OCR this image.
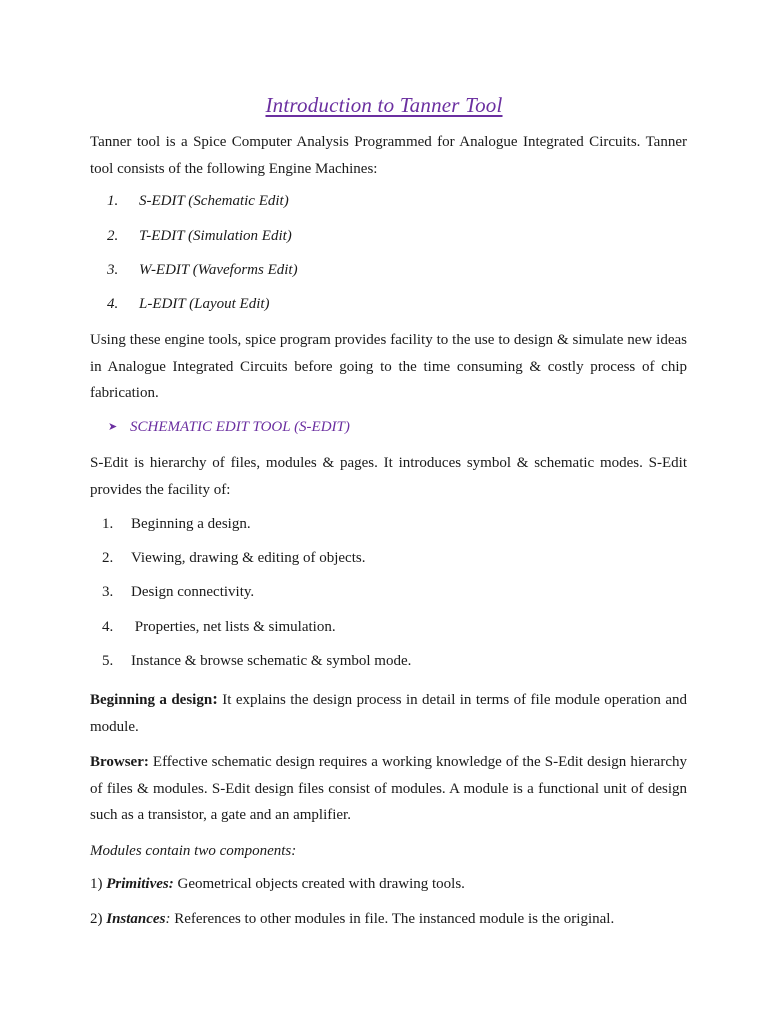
Introduction to Tanner Tool

Tanner tool is a Spice Computer Analysis Programmed for Analogue Integrated Circuits. Tanner tool consists of the following Engine Machines:

1. S-EDIT (Schematic Edit)
2. T-EDIT (Simulation Edit)
3. W-EDIT (Waveforms Edit)
4. L-EDIT (Layout Edit)

Using these engine tools, spice program provides facility to the use to design & simulate new ideas in Analogue Integrated Circuits before going to the time consuming & costly process of chip fabrication.

➤ SCHEMATIC EDIT TOOL (S-EDIT)

S-Edit is hierarchy of files, modules & pages. It introduces symbol & schematic modes. S-Edit provides the facility of:

1. Beginning a design.
2. Viewing, drawing & editing of objects.
3. Design connectivity.
4. Properties, net lists & simulation.
5. Instance & browse schematic & symbol mode.

Beginning a design: It explains the design process in detail in terms of file module operation and module.

Browser: Effective schematic design requires a working knowledge of the S-Edit design hierarchy of files & modules. S-Edit design files consist of modules. A module is a functional unit of design such as a transistor, a gate and an amplifier.

Modules contain two components:

1) Primitives: Geometrical objects created with drawing tools.

2) Instances: References to other modules in file. The instanced module is the original.
